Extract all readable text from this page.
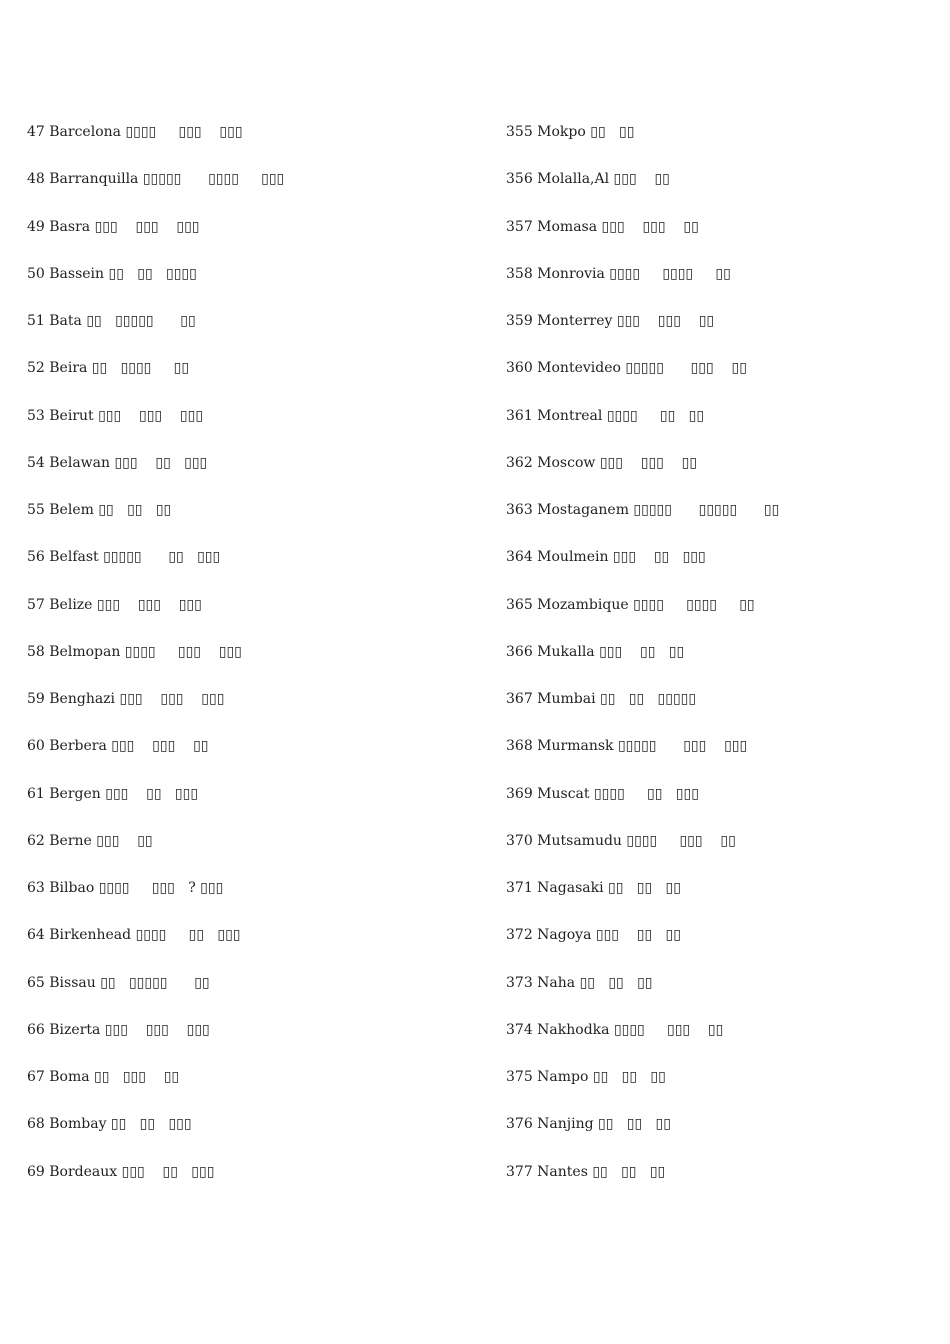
47 Barcelona ▯▯▯▯     ▯▯▯    ▯▯▯
48 Barranquilla ▯▯▯▯▯      ▯▯▯▯     ▯▯▯
49 Basra ▯▯▯    ▯▯▯    ▯▯▯
50 Bassein ▯▯   ▯▯   ▯▯▯▯
51 Bata ▯▯   ▯▯▯▯▯      ▯▯
52 Beira ▯▯   ▯▯▯▯     ▯▯
53 Beirut ▯▯▯    ▯▯▯    ▯▯▯
54 Belawan ▯▯▯    ▯▯   ▯▯▯
55 Belem ▯▯   ▯▯   ▯▯
56 Belfast ▯▯▯▯▯      ▯▯   ▯▯▯
57 Belize ▯▯▯    ▯▯▯    ▯▯▯
58 Belmopan ▯▯▯▯     ▯▯▯    ▯▯▯
59 Benghazi ▯▯▯    ▯▯▯    ▯▯▯
60 Berbera ▯▯▯    ▯▯▯    ▯▯
61 Bergen ▯▯▯    ▯▯   ▯▯▯
62 Berne ▯▯▯    ▯▯
63 Bilbao ▯▯▯▯     ▯▯▯   ? ▯▯▯
64 Birkenhead ▯▯▯▯     ▯▯   ▯▯▯
65 Bissau ▯▯   ▯▯▯▯▯      ▯▯
66 Bizerta ▯▯▯    ▯▯▯    ▯▯▯
67 Boma ▯▯   ▯▯▯    ▯▯
68 Bombay ▯▯   ▯▯   ▯▯▯
69 Bordeaux ▯▯▯    ▯▯   ▯▯▯
355 Mokpo ▯▯   ▯▯
356 Molalla,Al ▯▯▯    ▯▯
357 Momasa ▯▯▯    ▯▯▯    ▯▯
358 Monrovia ▯▯▯▯     ▯▯▯▯     ▯▯
359 Monterrey ▯▯▯    ▯▯▯    ▯▯
360 Montevideo ▯▯▯▯▯      ▯▯▯    ▯▯
361 Montreal ▯▯▯▯     ▯▯   ▯▯
362 Moscow ▯▯▯    ▯▯▯    ▯▯
363 Mostaganem ▯▯▯▯▯      ▯▯▯▯▯      ▯▯
364 Moulmein ▯▯▯    ▯▯   ▯▯▯
365 Mozambique ▯▯▯▯     ▯▯▯▯     ▯▯
366 Mukalla ▯▯▯    ▯▯   ▯▯
367 Mumbai ▯▯   ▯▯   ▯▯▯▯▯
368 Murmansk ▯▯▯▯▯      ▯▯▯    ▯▯▯
369 Muscat ▯▯▯▯     ▯▯   ▯▯▯
370 Mutsamudu ▯▯▯▯     ▯▯▯    ▯▯
371 Nagasaki ▯▯   ▯▯   ▯▯
372 Nagoya ▯▯▯    ▯▯   ▯▯
373 Naha ▯▯   ▯▯   ▯▯
374 Nakhodka ▯▯▯▯     ▯▯▯    ▯▯
375 Nampo ▯▯   ▯▯   ▯▯
376 Nanjing ▯▯   ▯▯   ▯▯
377 Nantes ▯▯   ▯▯   ▯▯
